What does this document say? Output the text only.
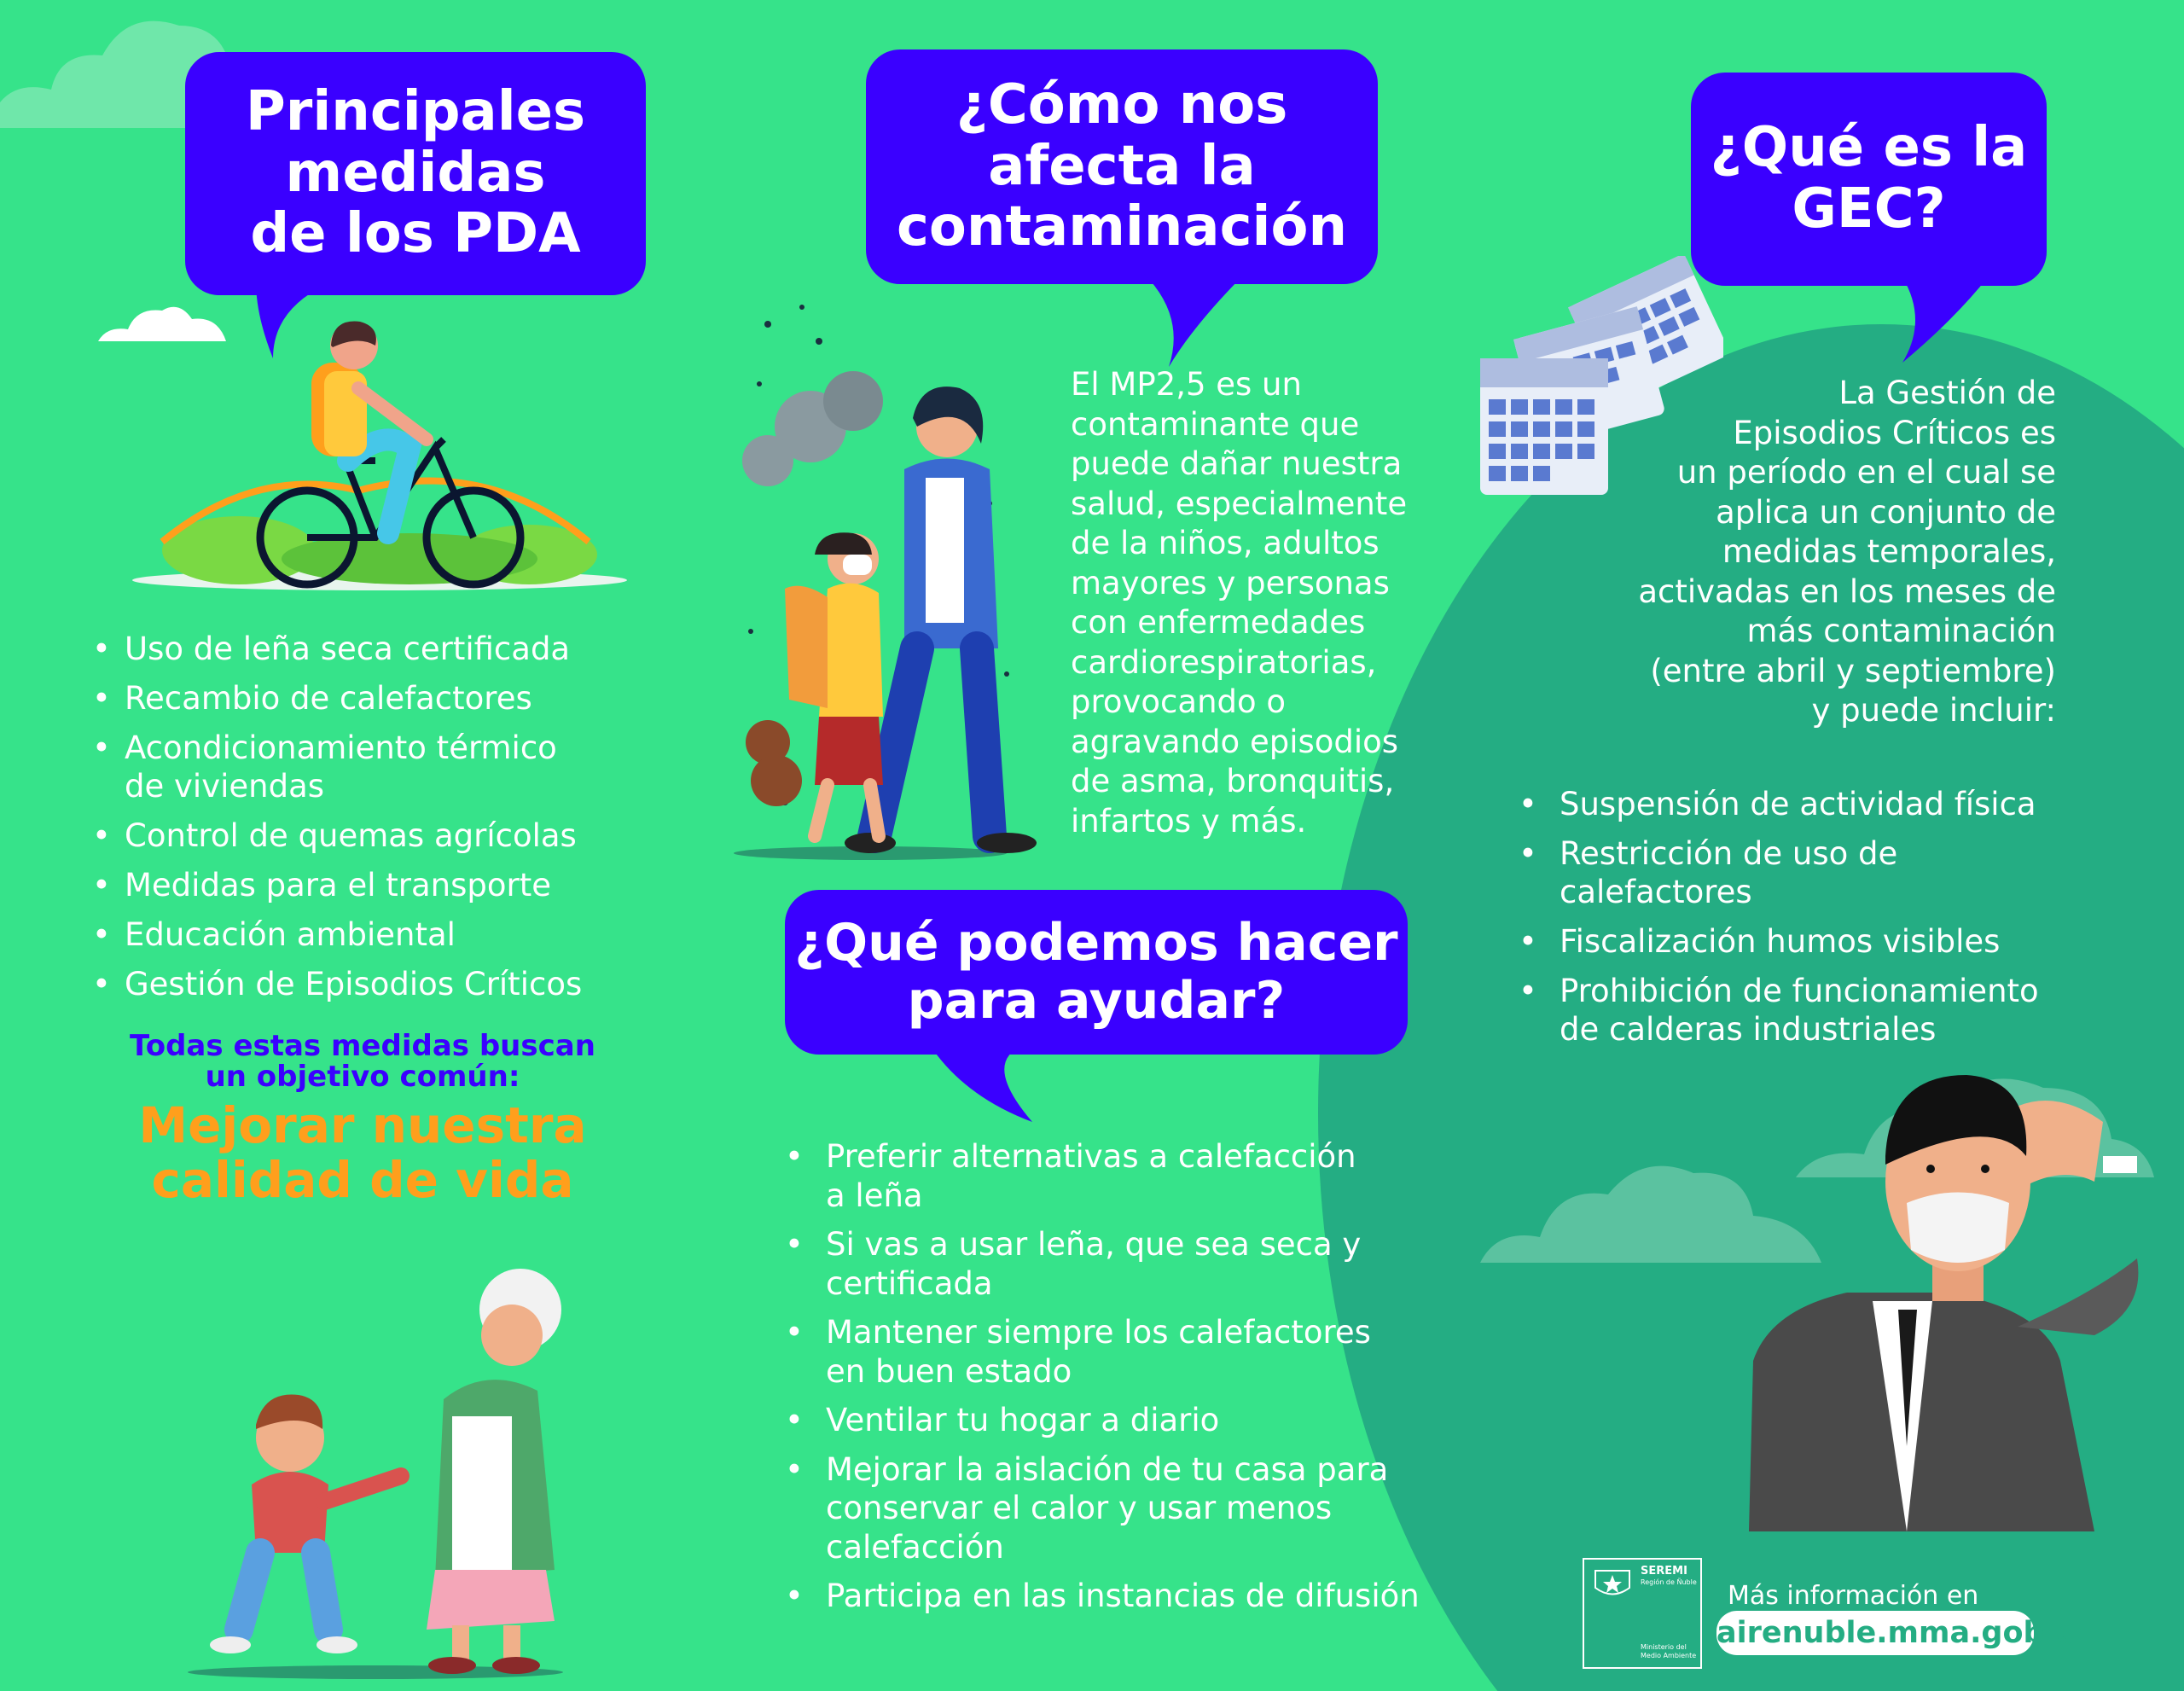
Principales
medidas
de los PDA
¿Cómo nos
afecta la
contaminación
¿Qué es la
GEC?
¿Qué podemos hacer
para ayudar?
• Uso de leña seca certificada
• Recambio de calefactores
• Acondicionamiento térmico
de viviendas
• Control de quemas agrícolas
• Medidas para el transporte
• Educación ambiental
• Gestión de Episodios Críticos
Todas estas medidas buscan
un objetivo común:
Mejorar nuestra
calidad de vida
El MP2,5 es un
contaminante que
puede dañar nuestra
salud, especialmente
de la niños, adultos
mayores y personas
con enfermedades
cardiorespiratorias,
provocando o
agravando episodios
de asma, bronquitis,
infartos y más.
• Preferir alternativas a calefacción
a leña
• Si vas a usar leña, que sea seca y
certificada
• Mantener siempre los calefactores
en buen estado
• Ventilar tu hogar a diario
• Mejorar la aislación de tu casa para
conservar el calor y usar menos
calefacción
• Participa en las instancias de difusión
La Gestión de
Episodios Críticos es
un período en el cual se
aplica un conjunto de
medidas temporales,
activadas en los meses de
más contaminación
(entre abril y septiembre)
y puede incluir:
• Suspensión de actividad física
• Restricción de uso de
calefactores
• Fiscalización humos visibles
• Prohibición de funcionamiento
de calderas industriales
SEREMI
Región de Ñuble
Ministerio del
Medio Ambiente
Más información en
airenuble.mma.gob.cl
